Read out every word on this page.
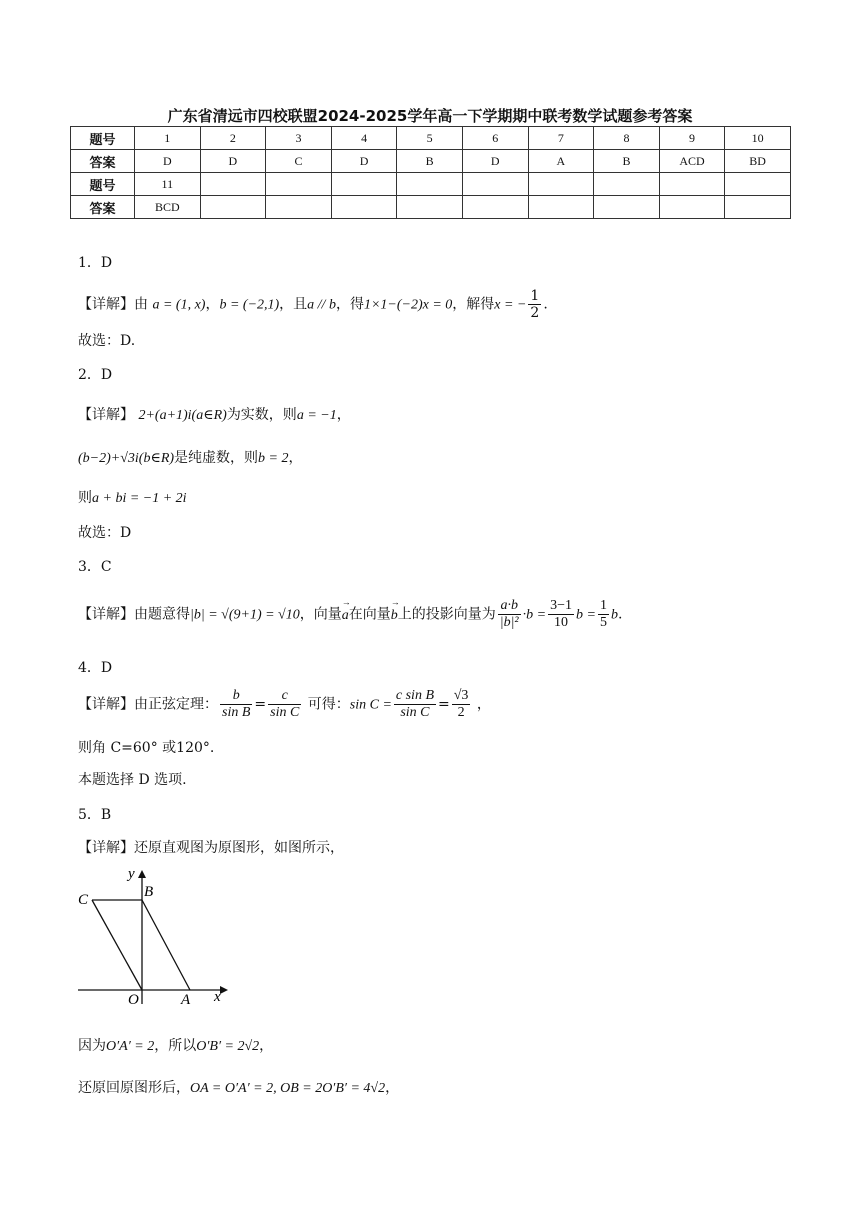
广东省清远市四校联盟2024-2025学年高一下学期期中联考数学试题参考答案
题号	1	2	3	4	5	6	7	8	9	10
答案	D	D	C	D	B	D	A	B	ACD	BD
题号	11									
答案	BCD									
1．D
【详解】由 a = (1, x)，b = (−2,1)，且a // b，得1×1−(−2)x = 0，解得x = − $\frac{1}{2}$ .
故选：D.
2．D
【详解】 2+(a+1)i(a∈R)为实数，则a = −1，
(b−2)+√3i(b∈R)是纯虚数，则b = 2，
则a + bi = −1 + 2i
故选：D
3．C
【详解】由题意得|b| = √(9+1) = √10，向量→ a在向量→ b上的投影向量为 $\frac{a\cdot b}{\text{|b|²}} \cdot b = \frac{3-1}{10}$ $b = \frac{1}{5} b$.
4．D
【详解】由正弦定理： $\frac{b}{\text{sin B}} = \frac{c}{\text{sin C}}$ 可得：$\sin C = \frac{\text{c sin B}}{\text{sin C}} = \frac{√3}{2}$ ，
则角 C=60° 或120°.
本题选择 D 选项.
5．B
【详解】还原直观图为原图形，如图所示，
y
x
B
C
O	A
因为O′A′ = 2，所以O′B′ = 2√2，
还原回原图形后，OA = O′A′ = 2, OB = 2O′B′ = 4√2，
